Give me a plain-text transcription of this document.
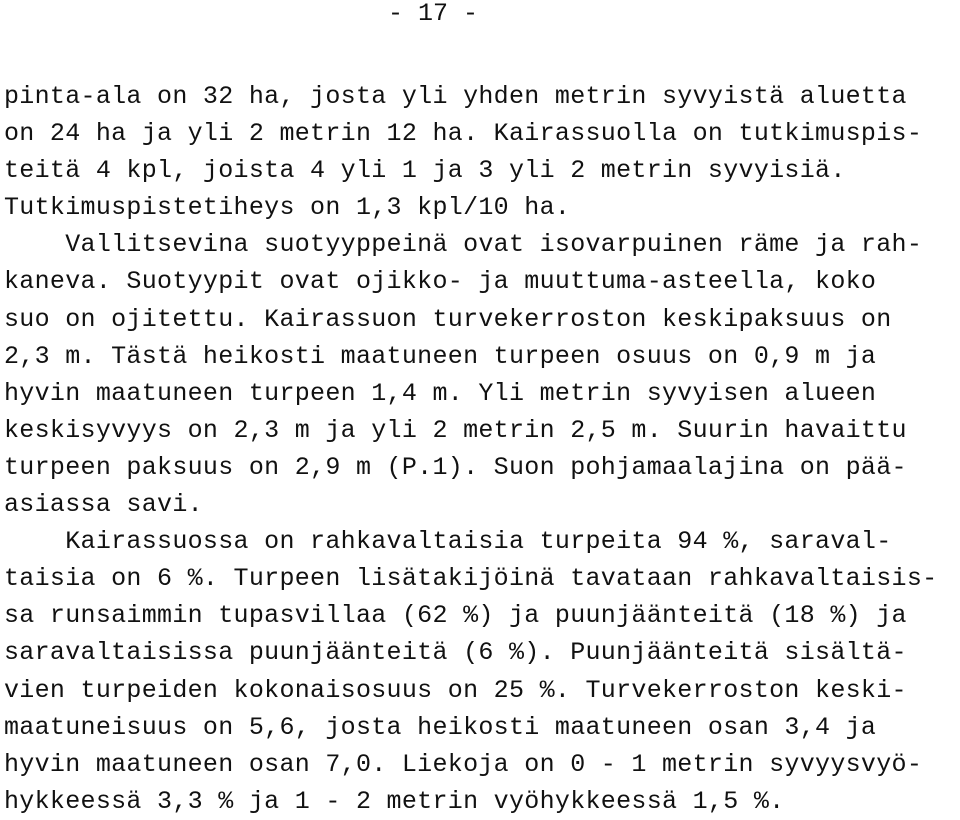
- 17 -
pinta-ala on 32 ha, josta yli yhden metrin syvyistä aluetta
on 24 ha ja yli 2 metrin 12 ha. Kairassuolla on tutkimuspis-
teitä 4 kpl, joista 4 yli 1 ja 3 yli 2 metrin syvyisiä.
Tutkimuspistetiheys on 1,3 kpl/10 ha.
Vallitsevina suotyyppeinä ovat isovarpuinen räme ja rah-
kaneva. Suotyypit ovat ojikko- ja muuttuma-asteella, koko
suo on ojitettu. Kairassuon turvekerroston keskipaksuus on
2,3 m. Tästä heikosti maatuneen turpeen osuus on 0,9 m ja
hyvin maatuneen turpeen 1,4 m. Yli metrin syvyisen alueen
keskisyvyys on 2,3 m ja yli 2 metrin 2,5 m. Suurin havaittu
turpeen paksuus on 2,9 m (P.1). Suon pohjamaalajina on pää-
asiassa savi.
Kairassuossa on rahkavaltaisia turpeita 94 %, saraval-
taisia on 6 %. Turpeen lisätakijöinä tavataan rahkavaltaisis-
sa runsaimmin tupasvillaa (62 %) ja puunjäänteitä (18 %) ja
saravaltaisissa puunjäänteitä (6 %). Puunjäänteitä sisältä-
vien turpeiden kokonaisosuus on 25 %. Turvekerroston keski-
maatuneisuus on 5,6, josta heikosti maatuneen osan 3,4 ja
hyvin maatuneen osan 7,0. Liekoja on 0 - 1 metrin syvyysvyö-
hykkeessä 3,3 % ja 1 - 2 metrin vyöhykkeessä 1,5 %.
